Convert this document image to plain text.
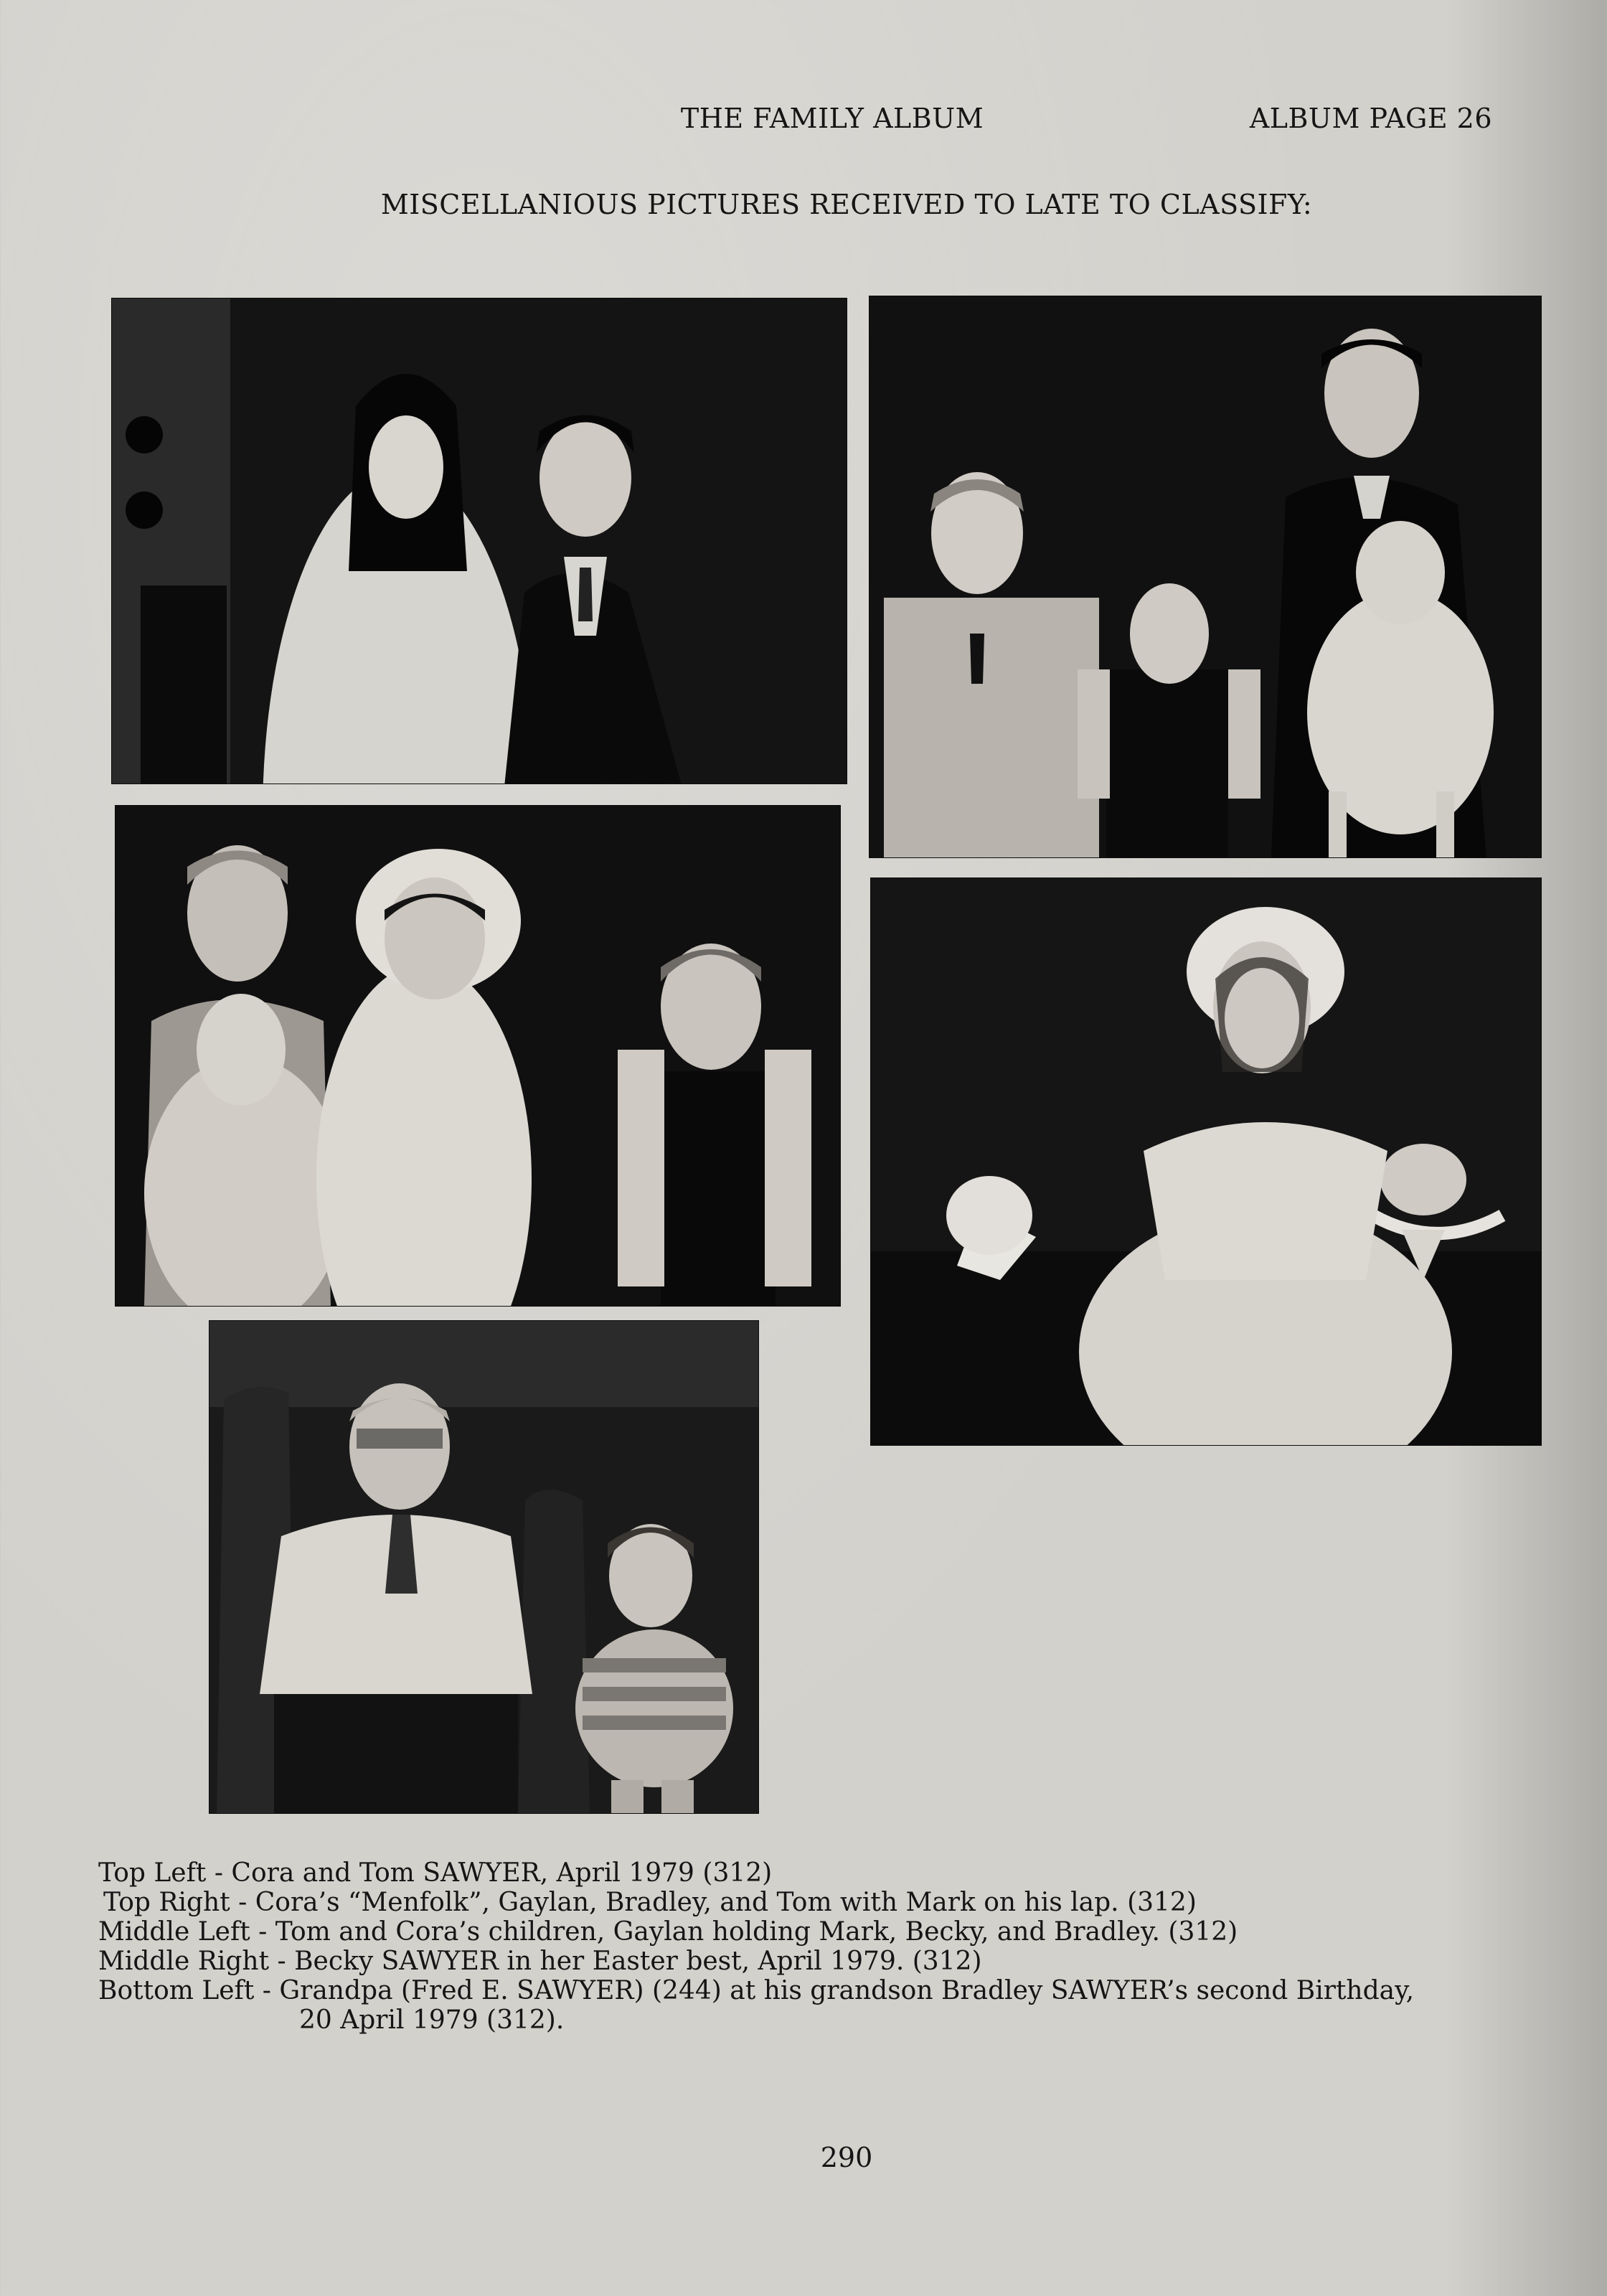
THE FAMILY ALBUM	ALBUM PAGE 26
MISCELLANIOUS PICTURES RECEIVED TO LATE TO CLASSIFY:
Top Left - Cora and Tom SAWYER, April 1979 (312)
Top Right - Cora’s “Menfolk”, Gaylan, Bradley, and Tom with Mark on his lap. (312)
Middle Left - Tom and Cora’s children, Gaylan holding Mark, Becky, and Bradley. (312)
Middle Right - Becky SAWYER in her Easter best, April 1979. (312)
Bottom Left - Grandpa (Fred E. SAWYER) (244) at his grandson Bradley SAWYER’s second Birthday,
20 April 1979 (312).
290
